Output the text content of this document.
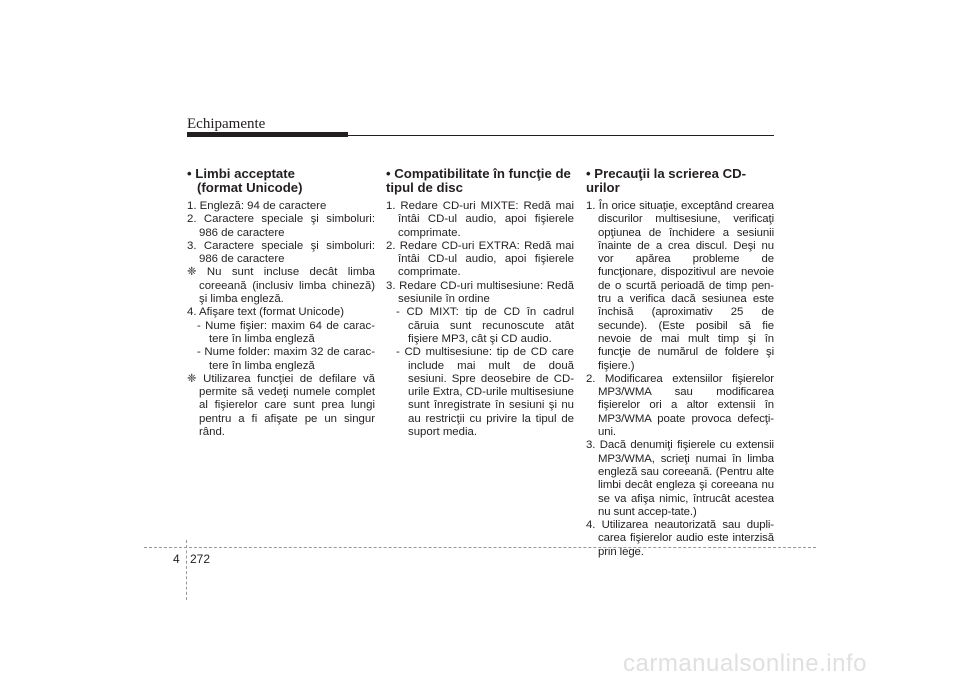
Echipamente
• Limbi acceptate
(format Unicode)
1. Engleză: 94 de caractere
2. Caractere speciale şi simboluri: 986 de caractere
3. Caractere speciale şi simboluri: 986 de caractere
❈ Nu sunt incluse decât limba coreeană (inclusiv limba chineză) şi limba engleză.
4. Afişare text (format Unicode)
- Nume fişier: maxim 64 de carac-tere în limba engleză
- Nume folder: maxim 32 de carac-tere în limba engleză
❈ Utilizarea funcţiei de defilare vă permite să vedeţi numele complet al fişierelor care sunt prea lungi pentru a fi afişate pe un singur rând.
• Compatibilitate în funcţie de
tipul de disc
1. Redare CD-uri MIXTE: Redă mai întâi CD-ul audio, apoi fişierele comprimate.
2. Redare CD-uri EXTRA: Redă mai întâi CD-ul audio, apoi fişierele comprimate.
3. Redare CD-uri multisesiune: Redă sesiunile în ordine
- CD MIXT: tip de CD în cadrul căruia sunt recunoscute atât fişiere MP3, cât şi CD audio.
- CD multisesiune: tip de CD care include mai mult de două sesiuni. Spre deosebire de CD-urile Extra, CD-urile multisesiune sunt înregistrate în sesiuni şi nu au restricţii cu privire la tipul de suport media.
• Precauţii la scrierea CD-urilor
1. În orice situaţie, exceptând crearea discurilor multisesiune, verificaţi opţiunea de închidere a sesiunii înainte de a crea discul. Deşi nu vor apărea probleme de funcţionare, dispozitivul are nevoie de o scurtă perioadă de timp pen-tru a verifica dacă sesiunea este închisă (aproximativ 25 de secunde). (Este posibil să fie nevoie de mai mult timp şi în funcţie de numărul de foldere şi fişiere.)
2. Modificarea extensiilor fişierelor MP3/WMA sau modificarea fişierelor ori a altor extensii în MP3/WMA poate provoca defecţi-uni.
3. Dacă denumiţi fişierele cu extensii MP3/WMA, scrieţi numai în limba engleză sau coreeană. (Pentru alte limbi decât engleza şi coreeana nu se va afişa nimic, întrucât acestea nu sunt accep-tate.)
4. Utilizarea neautorizată sau dupli-carea fişierelor audio este interzisă prin lege.
4 272
carmanualsonline.info
